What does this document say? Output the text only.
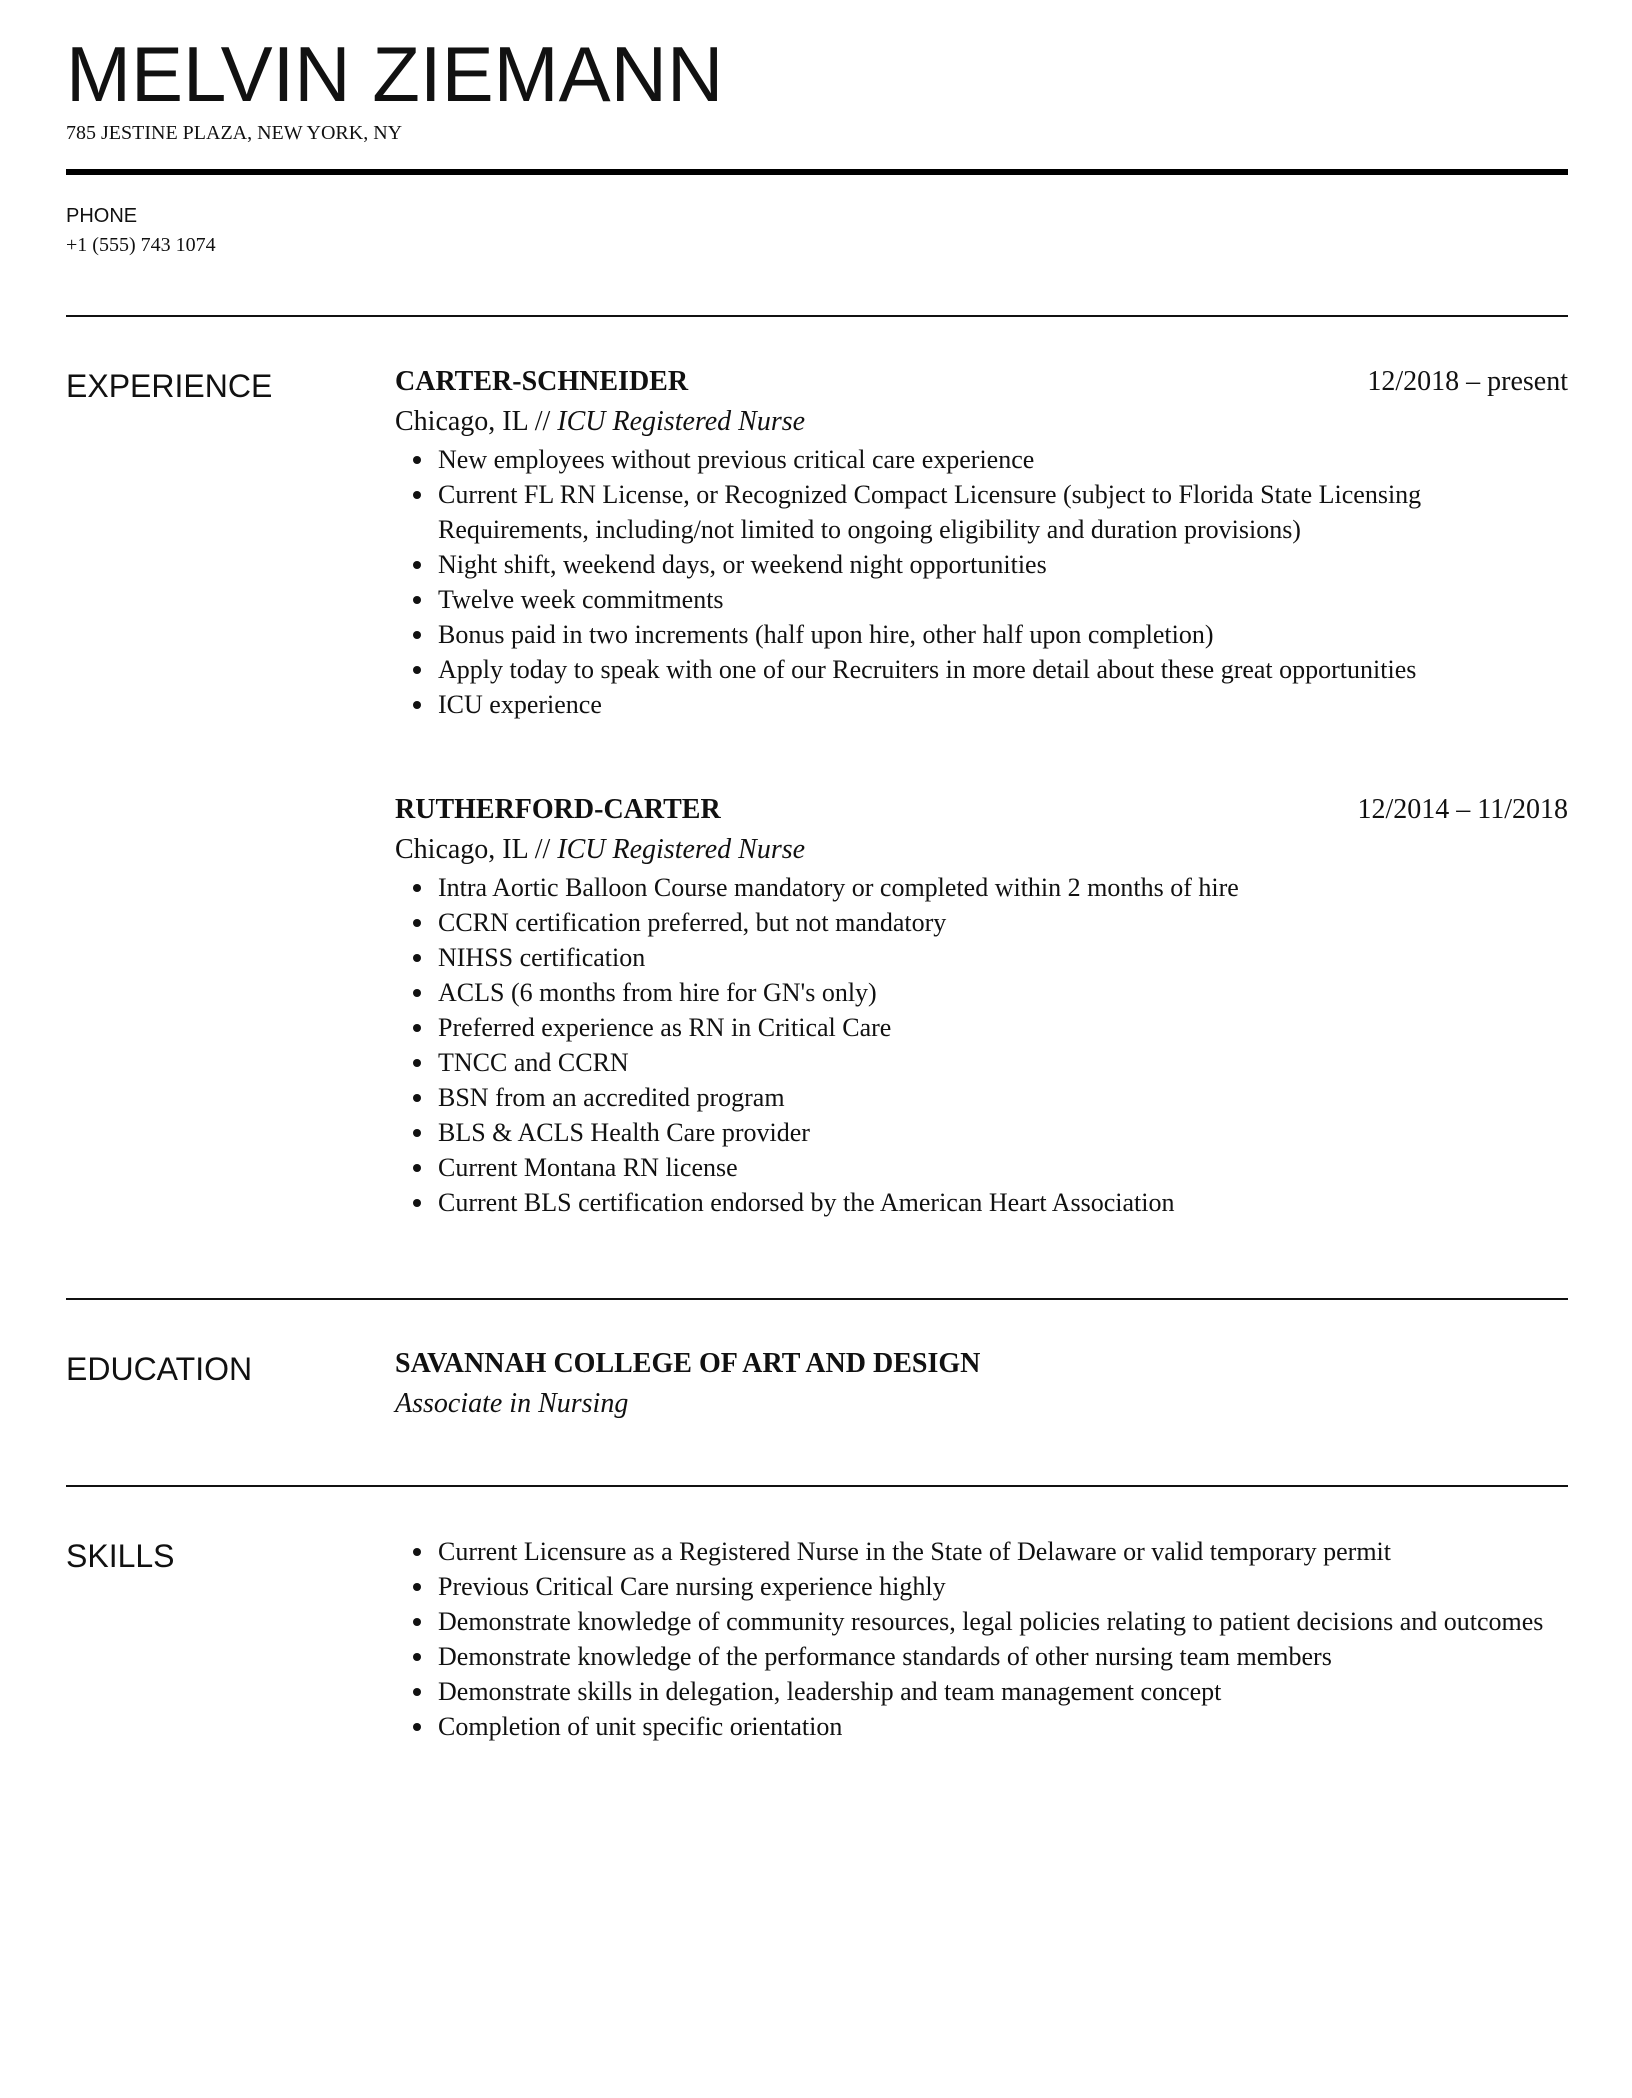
MELVIN ZIEMANN
785 JESTINE PLAZA, NEW YORK, NY
PHONE
+1 (555) 743 1074
EXPERIENCE	CARTER-SCHNEIDER	12/2018 – present
Chicago, IL // ICU Registered Nurse
New employees without previous critical care experience
Current FL RN License, or Recognized Compact Licensure (subject to Florida State Licensing Requirements, including/not limited to ongoing eligibility and duration provisions)
Night shift, weekend days, or weekend night opportunities
Twelve week commitments
Bonus paid in two increments (half upon hire, other half upon completion)
Apply today to speak with one of our Recruiters in more detail about these great opportunities
ICU experience
RUTHERFORD-CARTER	12/2014 – 11/2018
Chicago, IL // ICU Registered Nurse
Intra Aortic Balloon Course mandatory or completed within 2 months of hire
CCRN certification preferred, but not mandatory
NIHSS certification
ACLS (6 months from hire for GN's only)
Preferred experience as RN in Critical Care
TNCC and CCRN
BSN from an accredited program
BLS & ACLS Health Care provider
Current Montana RN license
Current BLS certification endorsed by the American Heart Association
EDUCATION	SAVANNAH COLLEGE OF ART AND DESIGN
Associate in Nursing
SKILLS	Current Licensure as a Registered Nurse in the State of Delaware or valid temporary permit
Previous Critical Care nursing experience highly
Demonstrate knowledge of community resources, legal policies relating to patient decisions and outcomes
Demonstrate knowledge of the performance standards of other nursing team members
Demonstrate skills in delegation, leadership and team management concept
Completion of unit specific orientation
